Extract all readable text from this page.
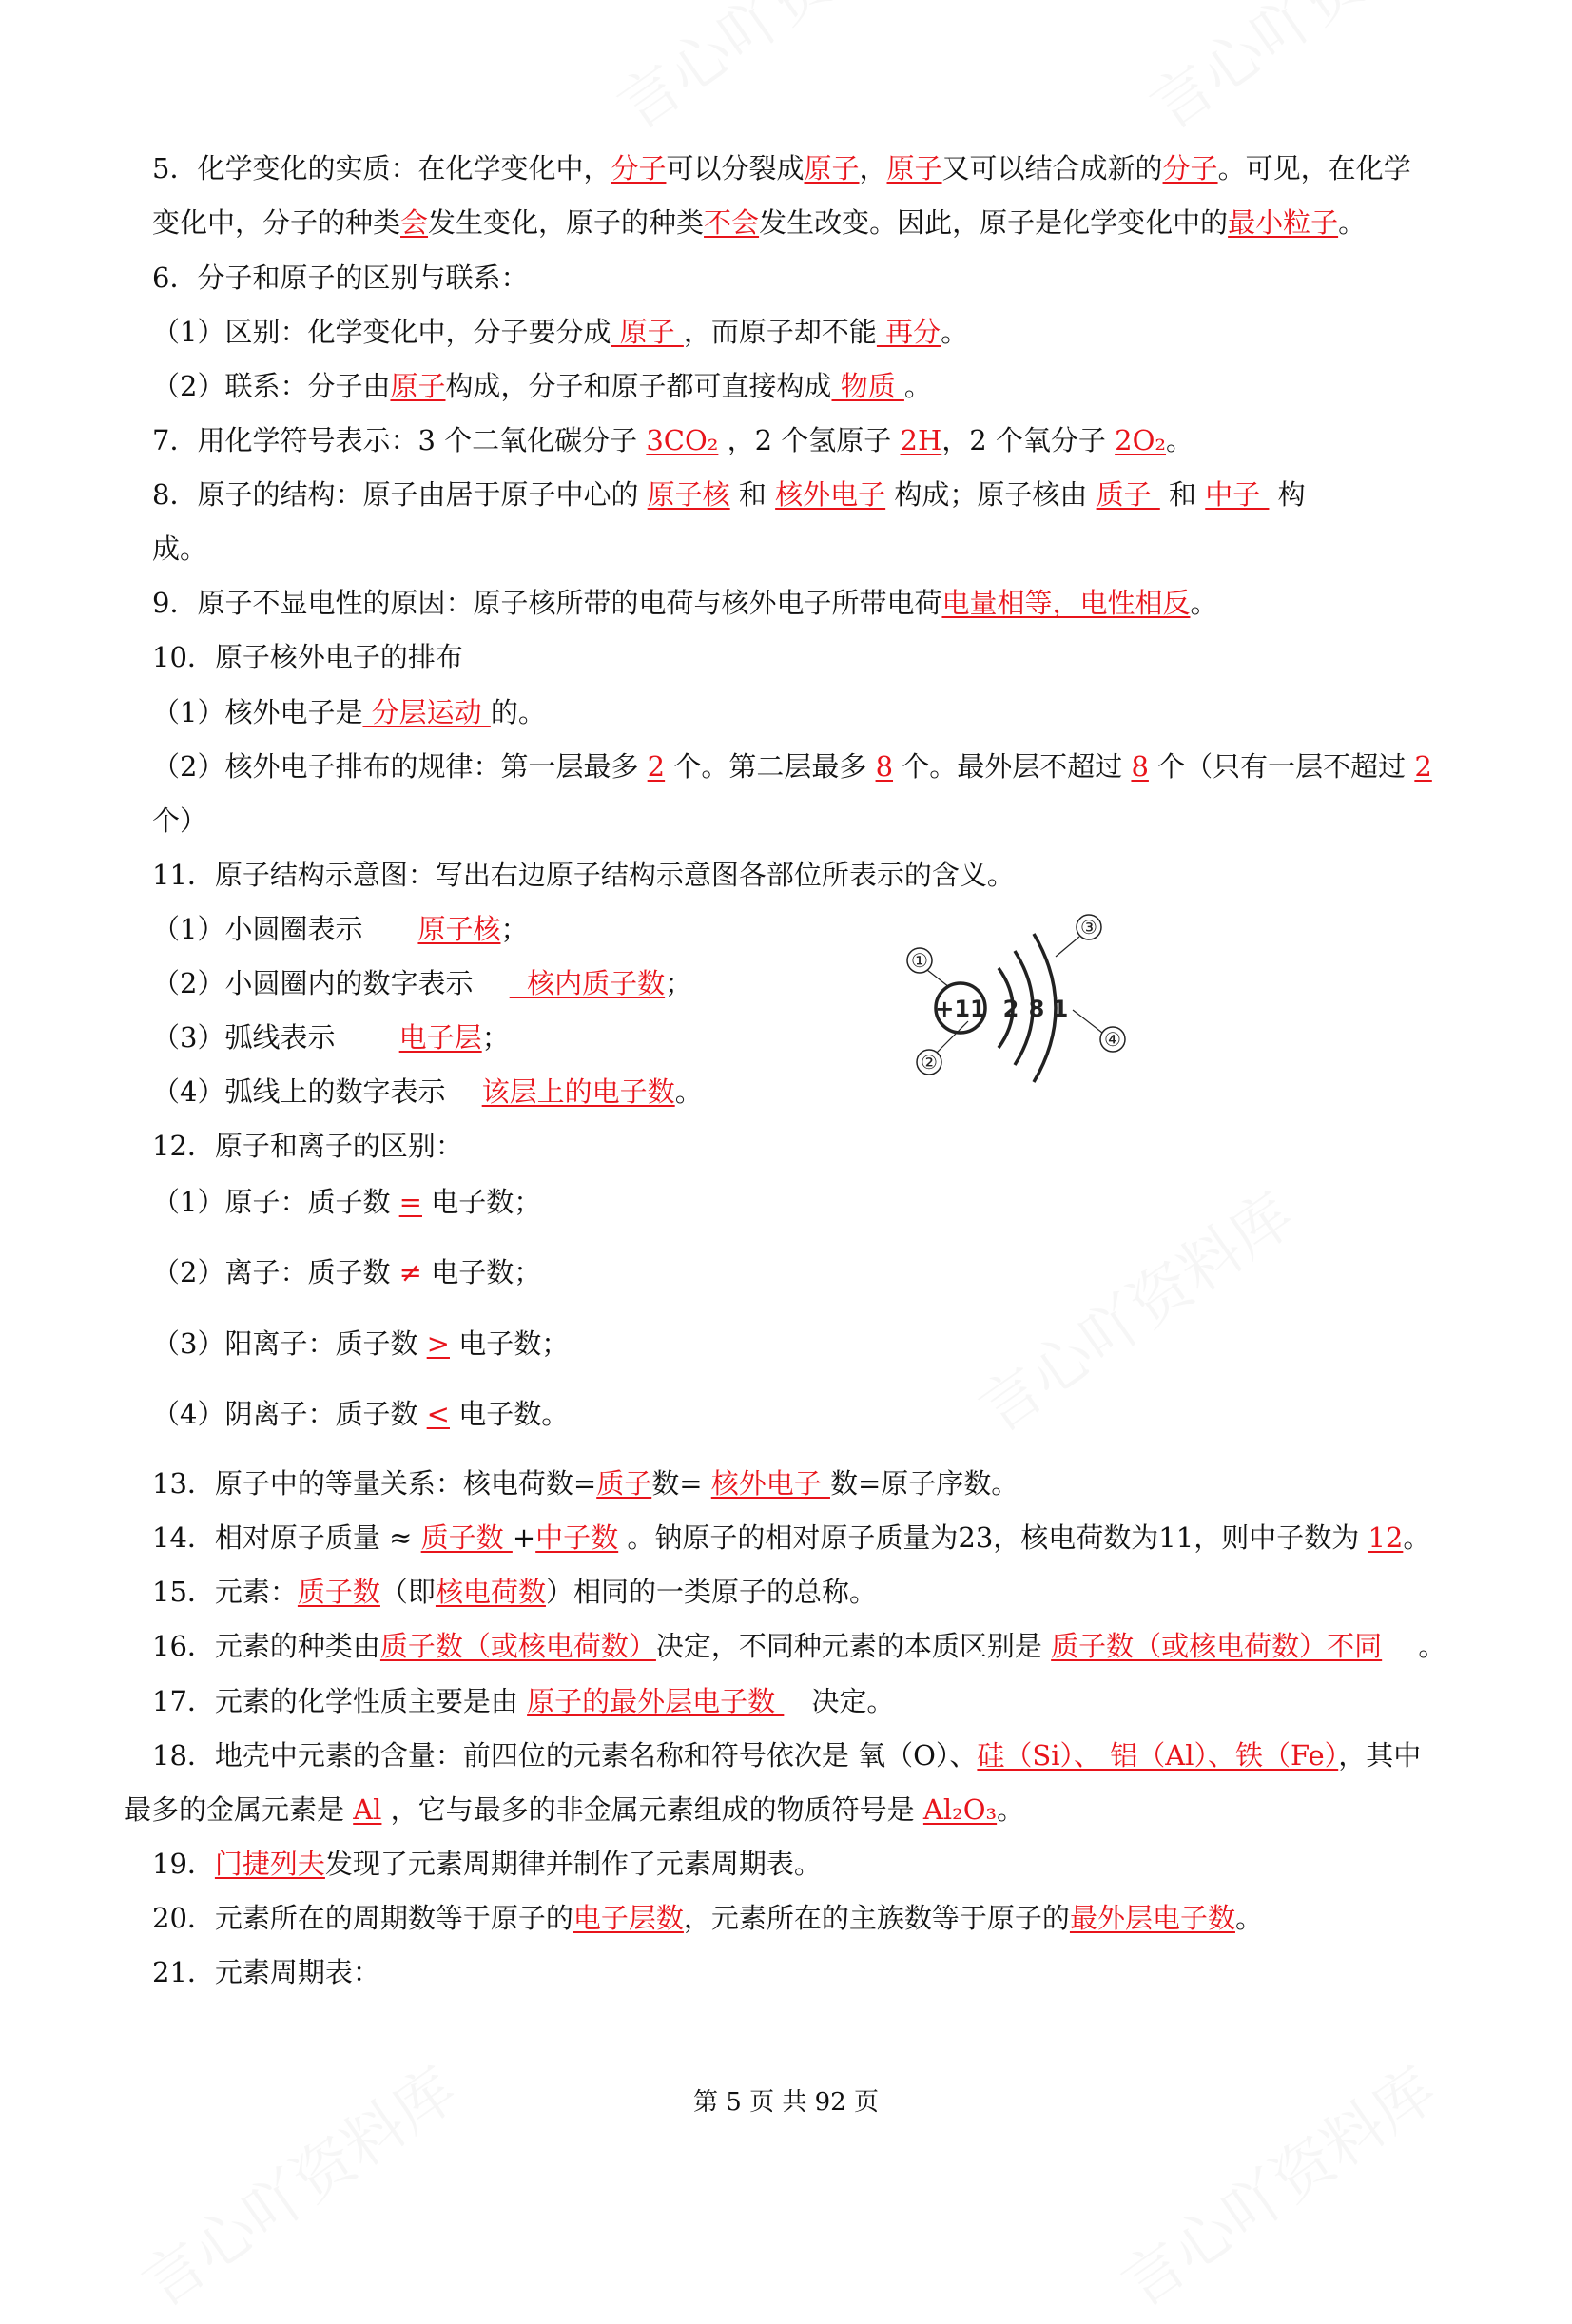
5．化学变化的实质：在化学变化中，分子可以分裂成原子，原子又可以结合成新的分子。可见，在化学
变化中，分子的种类会发生变化，原子的种类不会发生改变。因此，原子是化学变化中的最小粒子。
6．分子和原子的区别与联系：
（1）区别：化学变化中，分子要分成 原子 ，而原子却不能 再分。
（2）联系：分子由原子构成，分子和原子都可直接构成 物质 。
7．用化学符号表示：3 个二氧化碳分子 3CO₂ ，2 个氢原子 2H，2 个氧分子 2O₂。
8．原子的结构：原子由居于原子中心的 原子核 和 核外电子 构成；原子核由 质子  和 中子  构
成。
9．原子不显电性的原因：原子核所带的电荷与核外电子所带电荷电量相等，电性相反。
10．原子核外电子的排布
（1）核外电子是 分层运动 的。
（2）核外电子排布的规律：第一层最多 2 个。第二层最多 8 个。最外层不超过 8 个（只有一层不超过 2
个）
11．原子结构示意图：写出右边原子结构示意图各部位所表示的含义。
（1）小圆圈表示　　原子核；
（2）小圆圈内的数字表示　   核内质子数；
（3）弧线表示　　 电子层；
（4）弧线上的数字表示　 该层上的电子数。
12．原子和离子的区别：
（1）原子：质子数 = 电子数；
（2）离子：质子数 ≠ 电子数；
（3）阳离子：质子数 > 电子数；
（4）阴离子：质子数 < 电子数。
13．原子中的等量关系：核电荷数=质子数= 核外电子 数=原子序数。
14．相对原子质量 ≈ 质子数 +中子数 。钠原子的相对原子质量为23，核电荷数为11，则中子数为 12。
15．元素：质子数（即核电荷数）相同的一类原子的总称。
16．元素的种类由质子数（或核电荷数）决定，不同种元素的本质区别是 质子数（或核电荷数）不同　 。
17．元素的化学性质主要是由 原子的最外层电子数 　决定。
18．地壳中元素的含量：前四位的元素名称和符号依次是 氧（O）、硅（Si）、 铝（Al）、铁（Fe），其中
最多的金属元素是 Al ，它与最多的非金属元素组成的物质符号是 Al₂O₃。
19．门捷列夫发现了元素周期律并制作了元素周期表。
20．元素所在的周期数等于原子的电子层数，元素所在的主族数等于原子的最外层电子数。
21．元素周期表：
+11 2 8 1
①
②
③
④
第 5 页 共 92 页
